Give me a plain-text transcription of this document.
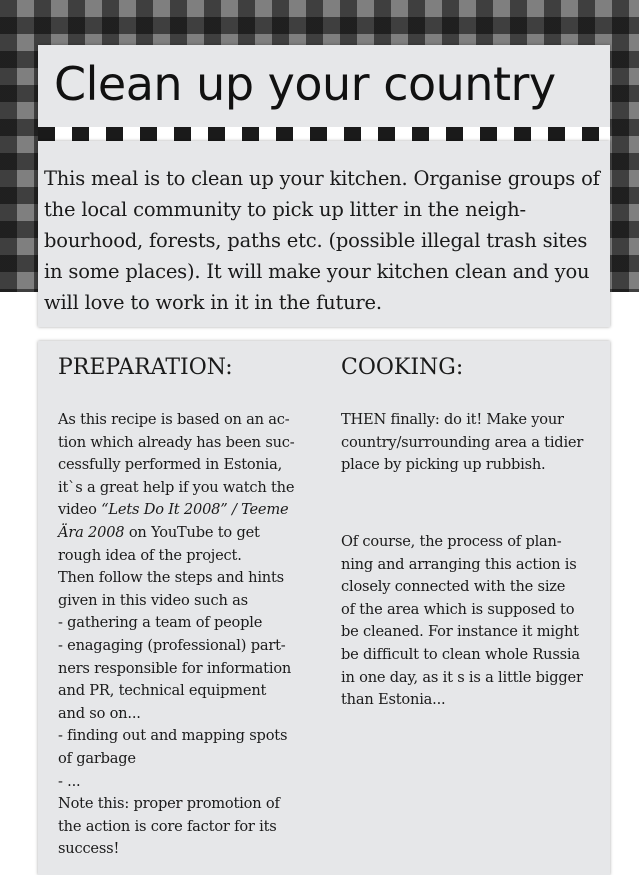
Clean up your country

This meal is to clean up your kitchen. Organise groups of the local community to pick up litter in the neigh-bourhood, forests, paths etc. (possible illegal trash sites in some places). It will make your kitchen clean and you will love to work in it in the future.

PREPARATION:

As this recipe is based on an ac-
tion which already has been suc-
cessfully performed in Estonia,
it`s a great help if you watch the
video “Lets Do It 2008” / Teeme
Ära 2008 on YouTube to get
rough idea of the project.
Then follow the steps and hints
given in this video such as
- gathering a team of people
- enagaging (professional) part-
ners responsible for information
and PR, technical equipment
and so on...
- finding out and mapping spots
of garbage
- ...
Note this: proper promotion of
the action is core factor for its
success!

COOKING:

THEN finally: do it! Make your
country/surrounding area a tidier
place by picking up rubbish.

Of course, the process of plan-
ning and arranging this action is
closely connected with the size
of the area which is supposed to
be cleaned. For instance it might
be difficult to clean whole Russia
in one day, as it s is a little bigger
than Estonia...
